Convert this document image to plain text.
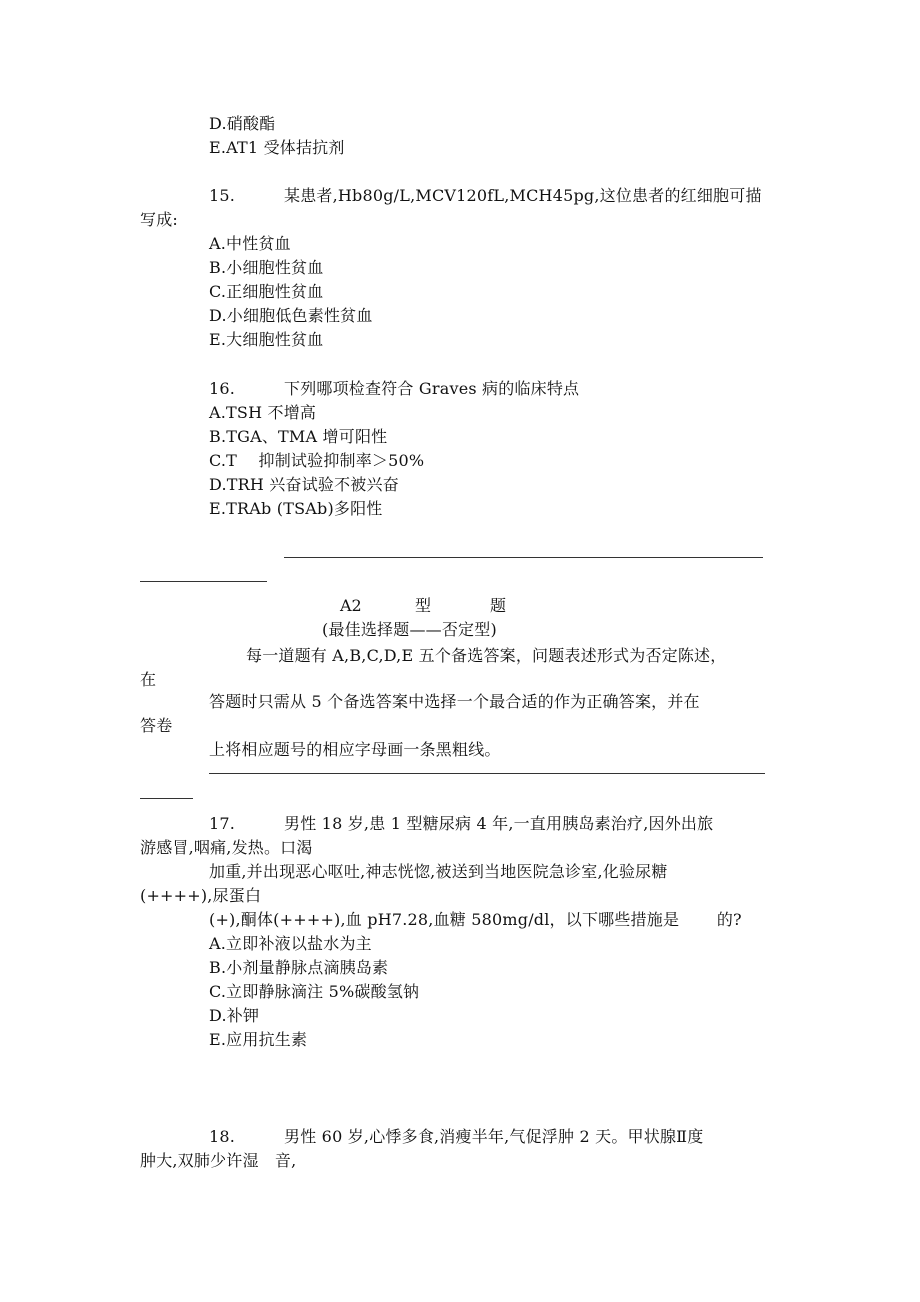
D.硝酸酯
E.AT1 受体拮抗剂
15.	某患者,Hb80g/L,MCV120fL,MCH45pg,这位患者的红细胞可描
写成:
A.中性贫血
B.小细胞性贫血
C.正细胞性贫血
D.小细胞低色素性贫血
E.大细胞性贫血
16.	下列哪项检查符合 Graves 病的临床特点
A.TSH 不增高
B.TGA、TMA 增可阳性
C.T　 抑制试验抑制率＞50%
D.TRH 兴奋试验不被兴奋
E.TRAb (TSAb)多阳性
A2	型	题
(最佳选择题——否定型)
每一道题有 A,B,C,D,E 五个备选答案，问题表述形式为否定陈述，
在
答题时只需从 5 个备选答案中选择一个最合适的作为正确答案，并在
答卷
上将相应题号的相应字母画一条黑粗线。
17.	男性 18 岁,患 1 型糖尿病 4 年,一直用胰岛素治疗,因外出旅
游感冒,咽痛,发热。口渴
加重,并出现恶心呕吐,神志恍惚,被送到当地医院急诊室,化验尿糖
(++++),尿蛋白
(+),酮体(++++),血 pH7.28,血糖 580mg/dl，以下哪些措施是　　 的?
A.立即补液以盐水为主
B.小剂量静脉点滴胰岛素
C.立即静脉滴注 5%碳酸氢钠
D.补钾
E.应用抗生素
18.	男性 60 岁,心悸多食,消瘦半年,气促浮肿 2 天。甲状腺Ⅱ度
肿大,双肺少许湿　音,
